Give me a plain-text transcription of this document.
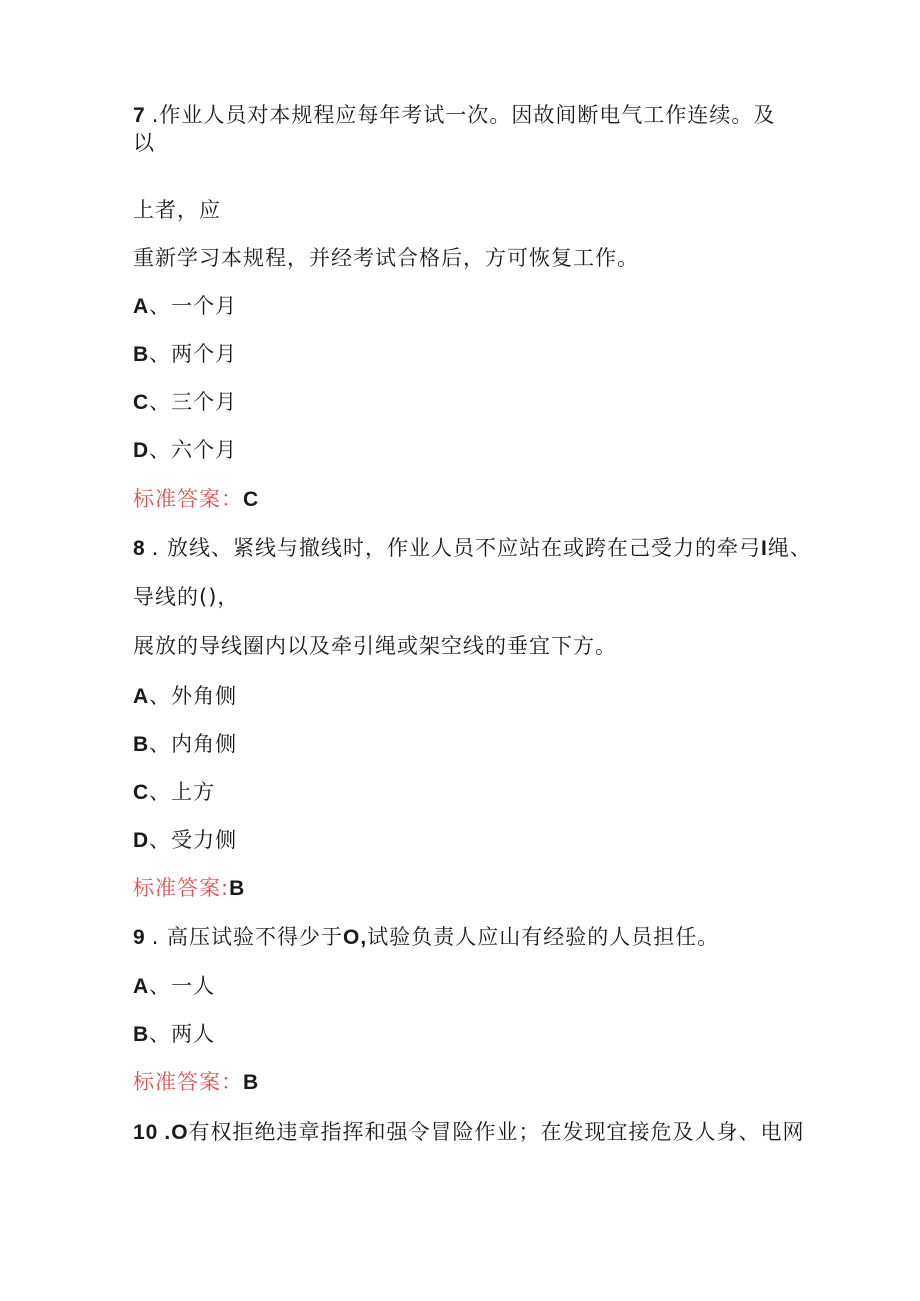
7 .作业人员对本规程应每年考试一次。因故间断电气工作连续。及
以
上者，应
重新学习本规程，并经考试合格后，方可恢复工作。
A、一个月
B、两个月
C、三个月
D、六个月
标准答案：C
8 . 放线、紧线与撤线时，作业人员不应站在或跨在己受力的牵弓I绳、
导线的()，
展放的导线圈内以及牵引绳或架空线的垂宜下方。
A、外角侧
B、内角侧
C、上方
D、受力侧
标准答案:B
9 . 高压试验不得少于O,试验负责人应山有经验的人员担任。
A、一人
B、两人
标准答案：B
10 .O有权拒绝违章指挥和强令冒险作业；在发现宜接危及人身、电网
